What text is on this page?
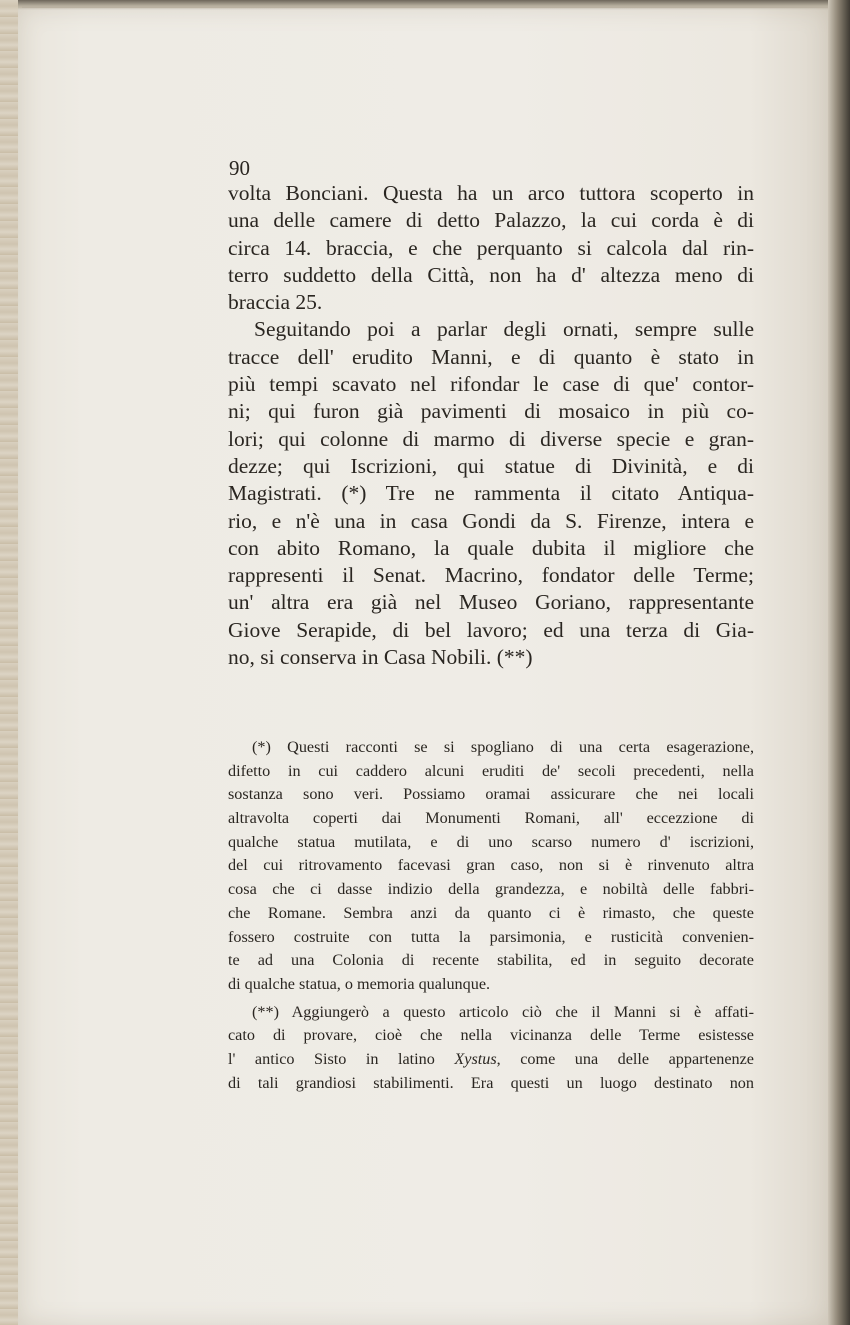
90
volta Bonciani. Questa ha un arco tuttora scoperto in
una delle camere di detto Palazzo, la cui corda è di
circa 14. braccia, e che perquanto si calcola dal rin-
terro suddetto della Città, non ha d' altezza meno di
braccia 25.
Seguitando poi a parlar degli ornati, sempre sulle
tracce dell' erudito Manni, e di quanto è stato in
più tempi scavato nel rifondar le case di que' contor-
ni; qui furon già pavimenti di mosaico in più co-
lori; qui colonne di marmo di diverse specie e gran-
dezze; qui Iscrizioni, qui statue di Divinità, e di
Magistrati. (*) Tre ne rammenta il citato Antiqua-
rio, e n'è una in casa Gondi da S. Firenze, intera e
con abito Romano, la quale dubita il migliore che
rappresenti il Senat. Macrino, fondator delle Terme;
un' altra era già nel Museo Goriano, rappresentante
Giove Serapide, di bel lavoro; ed una terza di Gia-
no, si conserva in Casa Nobili. (**)
(*) Questi racconti se si spogliano di una certa esagerazione,
difetto in cui caddero alcuni eruditi de' secoli precedenti, nella
sostanza sono veri. Possiamo oramai assicurare che nei locali
altravolta coperti dai Monumenti Romani, all' eccezzione di
qualche statua mutilata, e di uno scarso numero d' iscrizioni,
del cui ritrovamento facevasi gran caso, non si è rinvenuto altra
cosa che ci dasse indizio della grandezza, e nobiltà delle fabbri-
che Romane. Sembra anzi da quanto ci è rimasto, che queste
fossero costruite con tutta la parsimonia, e rusticità convenien-
te ad una Colonia di recente stabilita, ed in seguito decorate
di qualche statua, o memoria qualunque.
(**) Aggiungerò a questo articolo ciò che il Manni si è affati-
cato di provare, cioè che nella vicinanza delle Terme esistesse
l' antico Sisto in latino Xystus, come una delle appartenenze
di tali grandiosi stabilimenti. Era questi un luogo destinato non
